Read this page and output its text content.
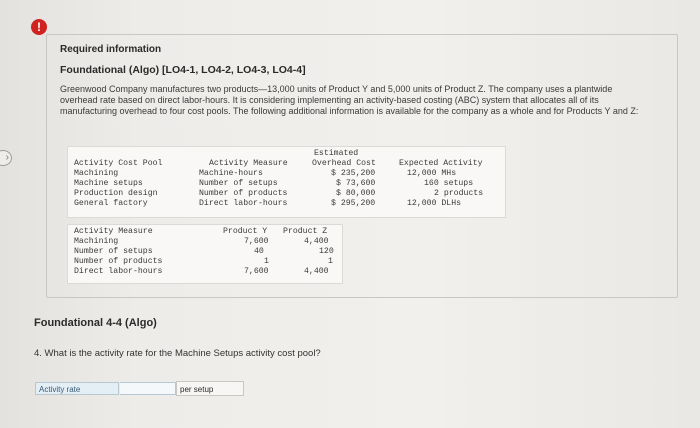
!
›
Required information
Foundational (Algo) [LO4-1, LO4-2, LO4-3, LO4-4]
Greenwood Company manufactures two products—13,000 units of Product Y and 5,000 units of Product Z. The company uses a plantwide overhead rate based on direct labor-hours. It is considering implementing an activity-based costing (ABC) system that allocates all of its manufacturing overhead to four cost pools. The following additional information is available for the company as a whole and for Products Y and Z:
Estimated
Activity Cost Pool	Activity Measure	Overhead Cost	Expected Activity
Machining	Machine-hours	$ 235,200	12,000 MHs
Machine setups	Number of setups	$ 73,600	160 setups
Production design	Number of products	$ 80,000	2 products
General factory	Direct labor-hours	$ 295,200	12,000 DLHs
Activity Measure	Product Y Product Z
Machining	7,600	4,400
Number of setups	40	120
Number of products	1	1
Direct labor-hours	7,600	4,400
Foundational 4-4 (Algo)
4. What is the activity rate for the Machine Setups activity cost pool?
Activity rate	per setup
